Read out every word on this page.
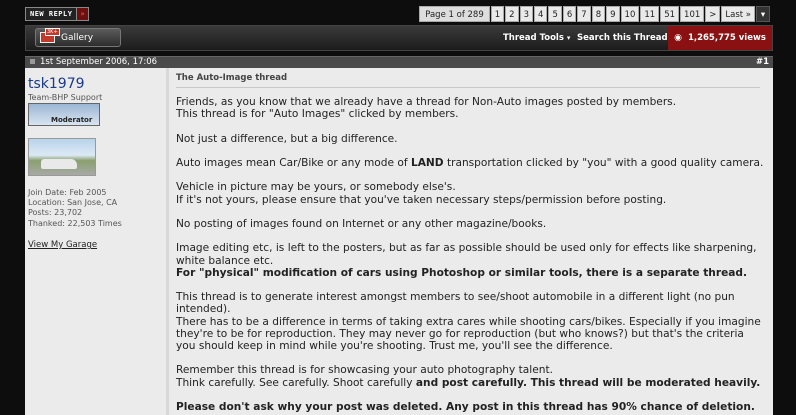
NEW REPLY	»	Page 1 of 289	1	2	3	4	5	6	7	8	9	10	11	51	101	>	Last »	▾
3K+
Gallery	Thread Tools ▾ Search this Thread ◉ 1,265,775 views
1st September 2006, 17:06	#1
tsk1979
Team-BHP Support
Moderator
Join Date: Feb 2005
Location: San Jose, CA
Posts: 23,702
Thanked: 22,503 Times
View My Garage
The Auto-Image thread

Friends, as you know that we already have a thread for Non-Auto images posted by members.

This thread is for "Auto Images" clicked by members.

Not just a difference, but a big difference.

Auto images mean Car/Bike or any mode of LAND transportation clicked by "you" with a good quality camera.

Vehicle in picture may be yours, or somebody else's.

If it's not yours, please ensure that you've taken necessary steps/permission before posting.

No posting of images found on Internet or any other magazine/books.

Image editing etc, is left to the posters, but as far as possible should be used only for effects like sharpening, white balance etc.

For "physical" modification of cars using Photoshop or similar tools, there is a separate thread.

This thread is to generate interest amongst members to see/shoot automobile in a different light (no pun intended).

There has to be a difference in terms of taking extra cares while shooting cars/bikes. Especially if you imagine they're to be for reproduction. They may never go for reproduction (but who knows?) but that's the criteria you should keep in mind while you're shooting. Trust me, you'll see the difference.

Remember this thread is for showcasing your auto photography talent.

Think carefully. See carefully. Shoot carefully and post carefully. This thread will be moderated heavily.

Please don't ask why your post was deleted. Any post in this thread has 90% chance of deletion.
